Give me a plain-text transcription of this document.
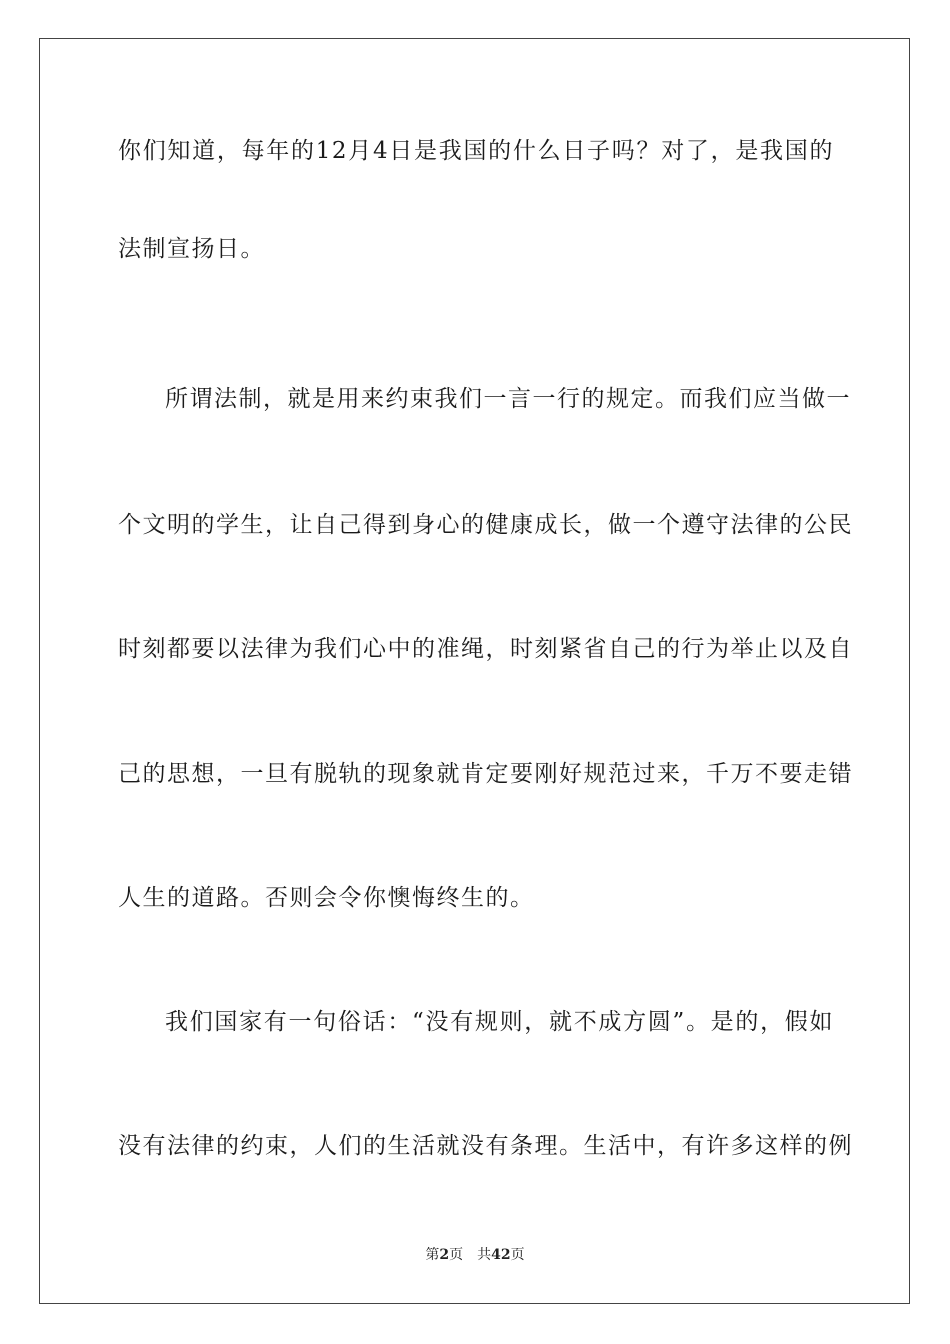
你们知道，每年的12月4日是我国的什么日子吗？对了，是我国的
法制宣扬日。
所谓法制，就是用来约束我们一言一行的规定。而我们应当做一
个文明的学生，让自己得到身心的健康成长，做一个遵守法律的公民
时刻都要以法律为我们心中的准绳，时刻紧省自己的行为举止以及自
己的思想，一旦有脱轨的现象就肯定要刚好规范过来，千万不要走错
人生的道路。否则会令你懊悔终生的。
我们国家有一句俗话：“没有规则，就不成方圆”。是的，假如
没有法律的约束，人们的生活就没有条理。生活中，有许多这样的例
第2页 共42页
